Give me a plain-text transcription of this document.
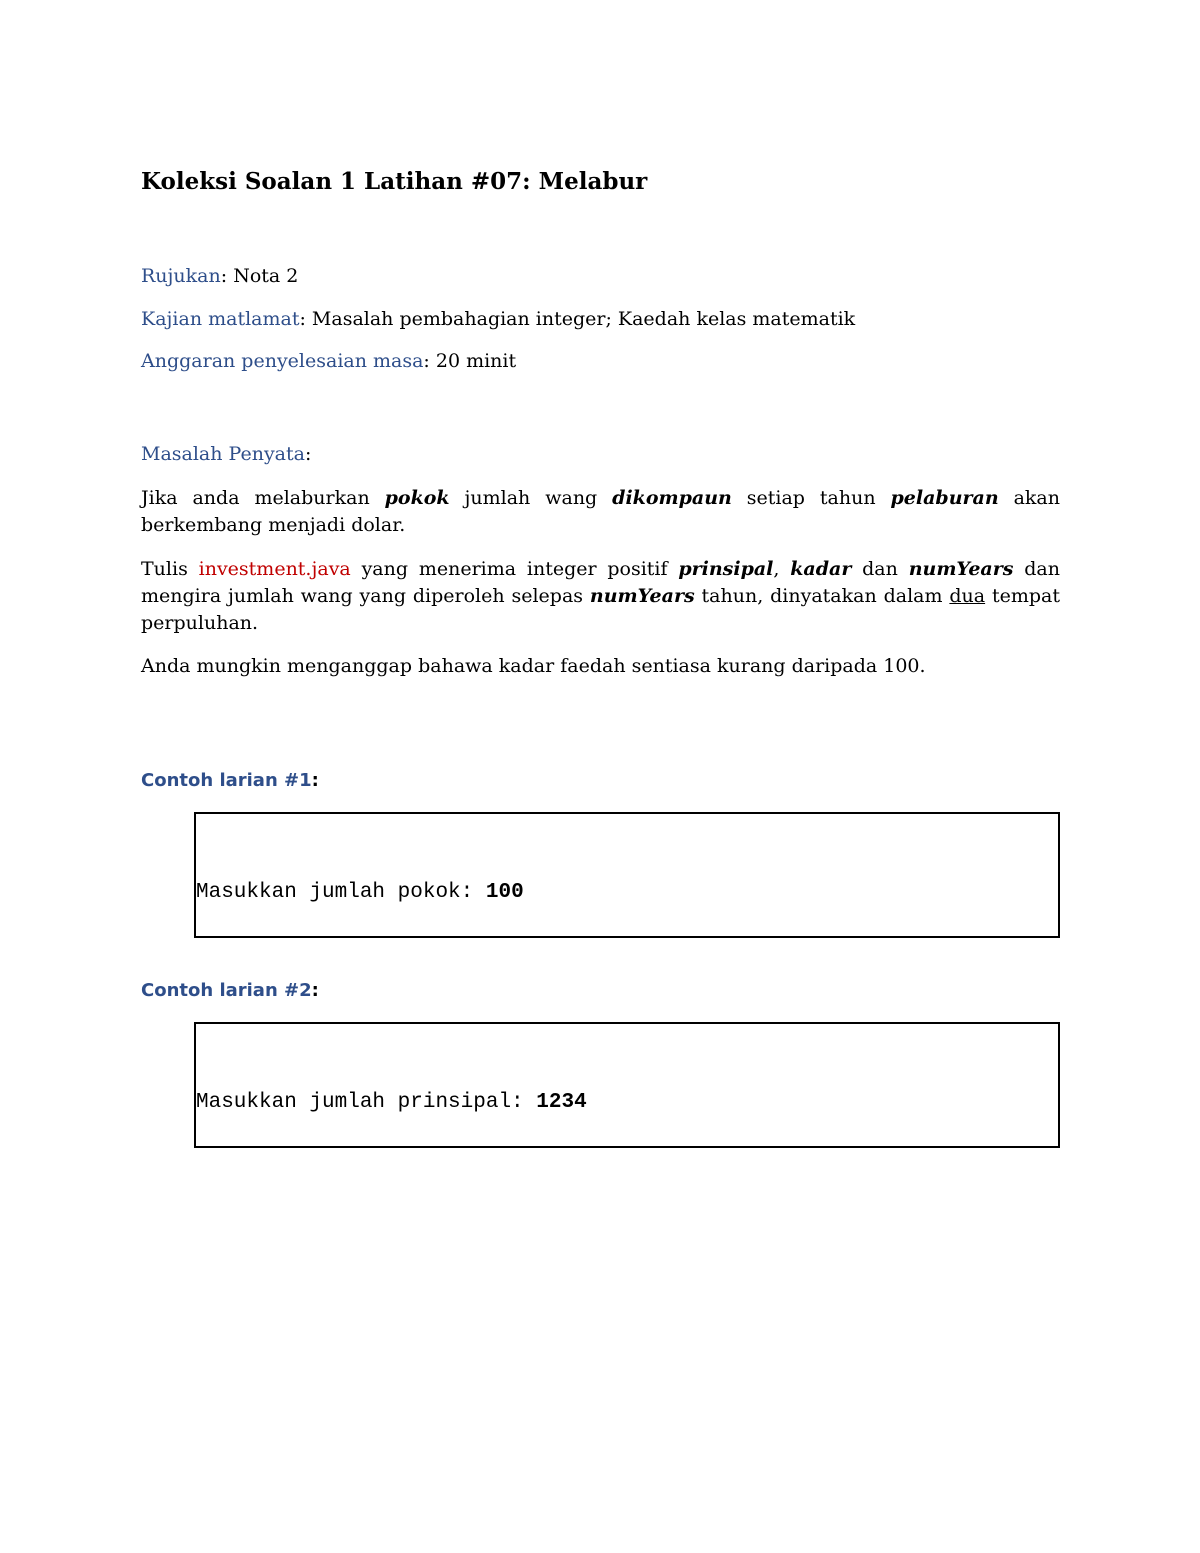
Koleksi Soalan 1 Latihan #07: Melabur

Rujukan: Nota 2

Kajian matlamat: Masalah pembahagian integer; Kaedah kelas matematik

Anggaran penyelesaian masa: 20 minit

Masalah Penyata:

Jika anda melaburkan pokok jumlah wang dikompaun setiap tahun pelaburan akan berkembang menjadi dolar.

Tulis investment.java yang menerima integer positif prinsipal, kadar dan numYears dan mengira jumlah wang yang diperoleh selepas numYears tahun, dinyatakan dalam dua tempat perpuluhan.

Anda mungkin menganggap bahawa kadar faedah sentiasa kurang daripada 100.

Contoh larian #1:

Masukkan jumlah pokok: 100

Contoh larian #2:

Masukkan jumlah prinsipal: 1234
